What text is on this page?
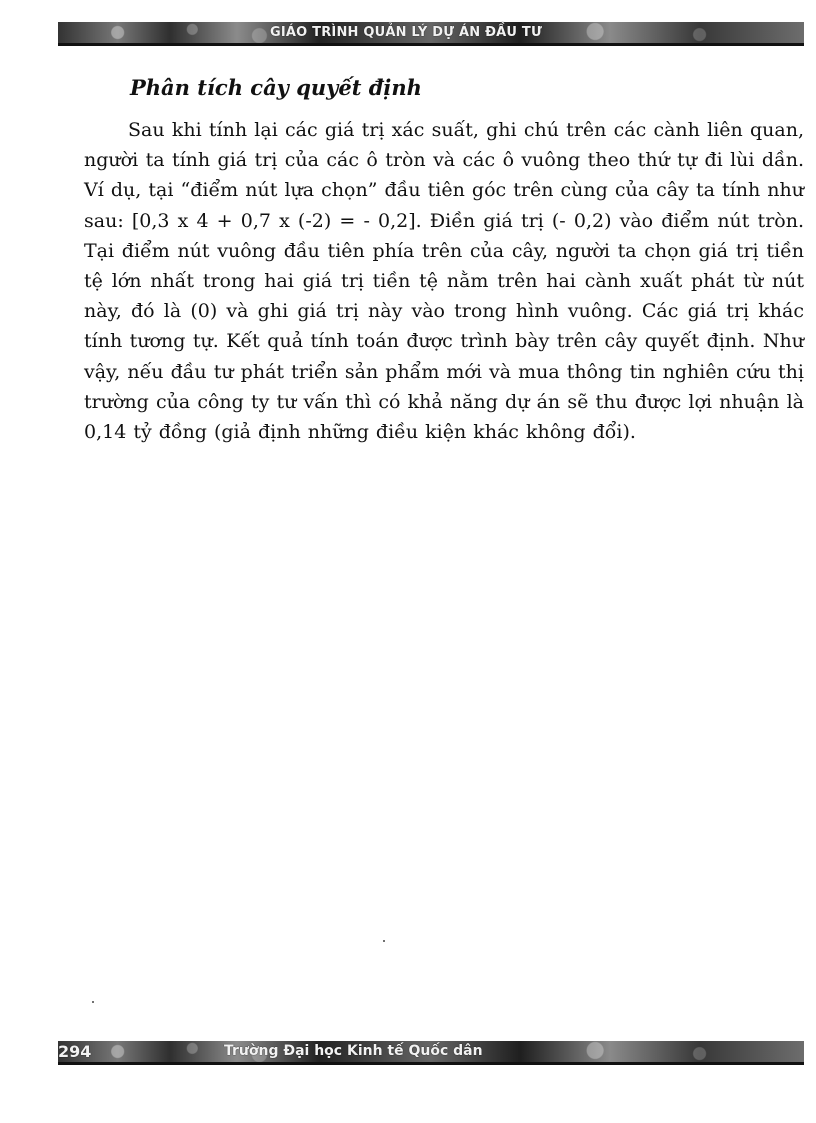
GIÁO TRÌNH QUẢN LÝ DỰ ÁN ĐẦU TƯ
Phân tích cây quyết định

Sau khi tính lại các giá trị xác suất, ghi chú trên các cành liên quan, người ta tính giá trị của các ô tròn và các ô vuông theo thứ tự đi lùi dần. Ví dụ, tại “điểm nút lựa chọn” đầu tiên góc trên cùng của cây ta tính như sau: [0,3 x 4 + 0,7 x (-2) = - 0,2]. Điền giá trị (- 0,2) vào điểm nút tròn. Tại điểm nút vuông đầu tiên phía trên của cây, người ta chọn giá trị tiền tệ lớn nhất trong hai giá trị tiền tệ nằm trên hai cành xuất phát từ nút này, đó là (0) và ghi giá trị này vào trong hình vuông. Các giá trị khác tính tương tự. Kết quả tính toán được trình bày trên cây quyết định. Như vậy, nếu đầu tư phát triển sản phẩm mới và mua thông tin nghiên cứu thị trường của công ty tư vấn thì có khả năng dự án sẽ thu được lợi nhuận là 0,14 tỷ đồng (giả định những điều kiện khác không đổi).

294	Trường Đại học Kinh tế Quốc dân
